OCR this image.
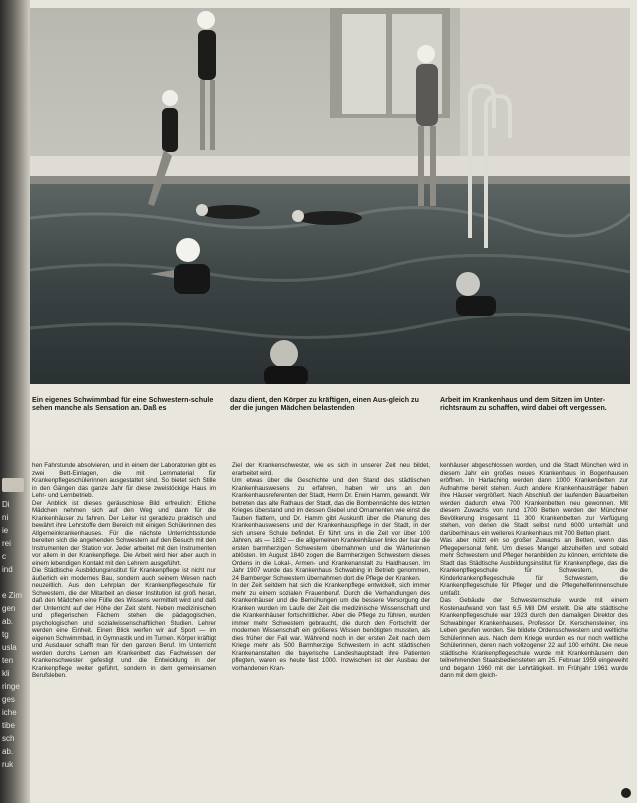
Di
ni
ie
rei
c
ind
e Zim
gen
ab.
tg
usla
ten
kli
ringe
ges
iche
tibe
sch
ab.
ruk
Ein eigenes Schwimmbad für eine Schwestern-schule sehen manche als Sensation an. Daß es
dazu dient, den Körper zu kräftigen, einen Aus-gleich zu der die jungen Mädchen belastenden
Arbeit im Krankenhaus und dem Sitzen im Unter-richtsraum zu schaffen, wird dabei oft vergessen.

hen Fahrstunde absolvieren, und in einem der Laboratorien gibt es zwei Bett-Einlagen, die mit Lernmaterial für Krankenpflegeschülerinnen ausgestattet sind. So bietet sich Stille in den Gängen das ganze Jahr für diese zweistöckige Haus im Lehr- und Lernbetrieb.
Der Anblick ist dieses geräuschlose Bild erfreulich: Etliche Mädchen nehmen sich auf den Weg und dann für die Krankenhäuser zu fahren. Der Leiter ist geradezu praktisch und bewährt ihre Lehrstoffe dem Bereich mit einigen Schülerinnen des Allgemeinkrankenhauses. Für die nächste Unterrichtsstunde bereiten sich die angehenden Schwestern auf den Besuch mit den Instrumenten der Station vor. Jeder arbeitet mit den Instrumenten vor allem in der Krankenpflege. Die Arbeit wird hier aber auch in einem lebendigen Kontakt mit den Lehrern ausgeführt.
Die Städtische Ausbildungsinstitut für Krankenpflege ist nicht nur äußerlich ein modernes Bau, sondern auch seinem Wesen nach neuzeitlich. Aus den Lehrplan der Krankenpflegeschule für Schwestern, die der Mitarbeit an dieser Institution ist groß heran, daß den Mädchen eine Fülle des Wissens vermittelt wird und daß der Unterricht auf der Höhe der Zeit steht. Neben medizinischen und pflegerischen Fächern stehen die pädagogischen, psychologischen und sozialwissenschaftlichen Studien. Lehrer werden eine Einheit. Einen Blick werfen wir auf Sport — im eigenen Schwimmbad, in Gymnastik und im Turnen. Körper kräftigt und Ausdauer schafft man für den ganzen Beruf. Im Unterricht werden durchs Lernen am Krankenbett das Fachwissen der Krankenschwester gefestigt und die Entwicklung in der Krankenpflege weiter geführt, sondern in dem gemeinsamen Berufsleben.

Ziel der Krankenschwester, wie es sich in unserer Zeit neu bildet, erarbeitet wird.
Um etwas über die Geschichte und den Stand des städtischen Krankenhauswesens zu erfahren, haben wir uns an den Krankenhausreferenten der Stadt, Herrn Dr. Erwin Hamm, gewandt. Wir betreten das alte Rathaus der Stadt, das die Bombennächte des letzten Krieges überstand und im dessen Giebel und Ornamenten wie einst die Tauben flattern, und Dr. Hamm gibt Auskunft über die Planung des Krankenhauswesens und der Krankenhauspflege in der Stadt, in der sich unsere Schule befindet. Er führt uns in die Zeit vor über 100 Jahren, als — 1832 — die allgemeinen Krankenhäuser links der Isar die ersten barmherzigen Schwestern übernahmen und die Wärterinnen ablösten. Im August 1840 zogen die Barmherzigen Schwestern dieses Ordens in die Lokal-, Armen- und Krankenanstalt zu Haidhausen. Im Jahr 1907 wurde das Krankenhaus Schwabing in Betrieb genommen, 24 Bamberger Schwestern übernahmen dort die Pflege der Kranken.
In der Zeit seitdem hat sich die Krankenpflege entwickelt, sich immer mehr zu einem sozialen Frauenberuf. Durch die Verhandlungen des Krankenhäuser und die Bemühungen um die bessere Versorgung der Kranken wurden im Laufe der Zeit die medizinische Wissenschaft und die Krankenhäuser fortschrittlicher. Aber die Pflege zu führen, wurden immer mehr Schwestern gebraucht, die durch den Fortschritt der modernen Wissenschaft ein größeres Wissen benötigten mussten, als dies früher der Fall war. Während noch in der ersten Zeit nach dem Kriege mehr als 500 Barmherzige Schwestern in acht städtischen Krankenanstalten die bayerische Landeshauptstadt ihre Patienten pflegten, waren es heute fast 1000. Inzwischen ist der Ausbau der vorhandenen Kran-

kenhäuser abgeschlossen worden, und die Stadt München wird in diesem Jahr ein großes neues Krankenhaus in Bogenhausen eröffnen. In Harlaching werden dann 1000 Krankenbetten zur Aufnahme bereit stehen. Auch andere Krankenhausträger haben ihre Häuser vergrößert. Nach Abschluß der laufenden Bauarbeiten werden dadurch etwa 700 Krankenbetten neu gewonnen. Mit diesem Zuwachs von rund 1700 Betten werden der Münchner Bevölkerung insgesamt 11 300 Krankenbetten zur Verfügung stehen, von denen die Stadt selbst rund 6000 unterhält und darüberhinaus ein weiteres Krankenhaus mit 700 Betten plant.
Was aber nützt ein so großer Zuwachs an Betten, wenn das Pflegepersonal fehlt. Um dieses Mangel abzuhelfen und sobald mehr Schwestern und Pfleger heranbilden zu können, errichtete die Stadt das Städtische Ausbildungsinstitut für Krankenpflege, das die Krankenpflegeschule für Schwestern, die Kinderkrankenpflegeschule für Schwestern, die Krankenpflegeschule für Pfleger und die Pflegehelferinnenschule umfaßt.
Das Gebäude der Schwesternschule wurde mit einem Kostenaufwand von fast 6,5 Mill DM erstellt. Die alte städtische Krankenpflegeschule war 1923 durch den damaligen Direktor des Schwabinger Krankenhauses, Professor Dr. Kerschensteiner, ins Leben gerufen worden. Sie bildete Ordensschwestern und weltliche Schülerinnen aus. Nach dem Kriege wurden es nur noch weltliche Schülerinnen, deren nach vollzogener 22 auf 100 erhöht. Die neue städtische Krankenpflegeschule wurde mit Krankenhäusern den teilnehmenden Staatsbediensteten am 25. Februar 1959 eingeweiht und begann 1960 mit der Lehrtätigkeit. Im Frühjahr 1961 wurde dann mit dem gleich-
